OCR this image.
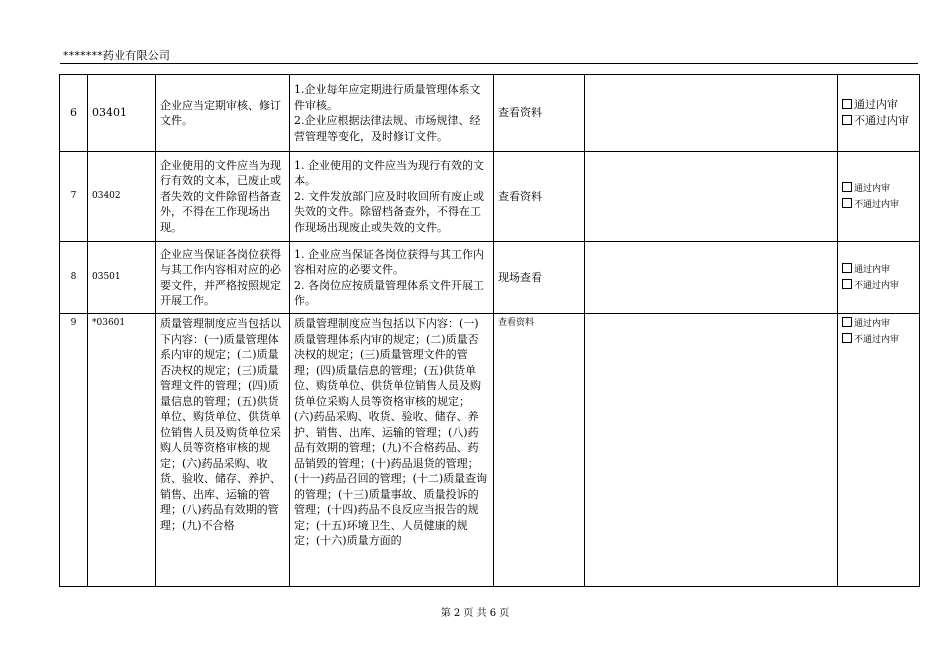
*******药业有限公司
6	03401	企业应当定期审核、修订文件。	1.企业每年应定期进行质量管理体系文件审核。
2.企业应根据法律法规、市场规律、经营管理等变化，及时修订文件。	查看资料		通过内审
不通过内审

7	03402	企业使用的文件应当为现行有效的文本，已废止或者失效的文件除留档备查外，不得在工作现场出现。	1. 企业使用的文件应当为现行有效的文本。
2. 文件发放部门应及时收回所有废止或失效的文件。除留档备查外，不得在工作现场出现废止或失效的文件。	查看资料		通过内审
不通过内审

8	03501	企业应当保证各岗位获得与其工作内容相对应的必要文件，并严格按照规定开展工作。	1. 企业应当保证各岗位获得与其工作内容相对应的必要文件。
2. 各岗位应按质量管理体系文件开展工作。	现场查看		通过内审
不通过内审

9	*03601	质量管理制度应当包括以下内容：(一)质量管理体系内审的规定；(二)质量否决权的规定；(三)质量管理文件的管理；(四)质量信息的管理；(五)供货单位、购货单位、供货单位销售人员及购货单位采购人员等资格审核的规定；(六)药品采购、收货、验收、储存、养护、销售、出库、运输的管理；(八)药品有效期的管理；(九)不合格	质量管理制度应当包括以下内容：(一)质量管理体系内审的规定；(二)质量否决权的规定；(三)质量管理文件的管理；(四)质量信息的管理；(五)供货单位、购货单位、供货单位销售人员及购货单位采购人员等资格审核的规定；(六)药品采购、收货、验收、储存、养护、销售、出库、运输的管理；(八)药品有效期的管理；(九)不合格药品、药品销毁的管理；(十)药品退货的管理；(十一)药品召回的管理；(十二)质量查询的管理；(十三)质量事故、质量投诉的管理；(十四)药品不良反应当报告的规定；(十五)环境卫生、人员健康的规定；(十六)质量方面的	查看资料		通过内审
不通过内审
第 2 页 共 6 页
